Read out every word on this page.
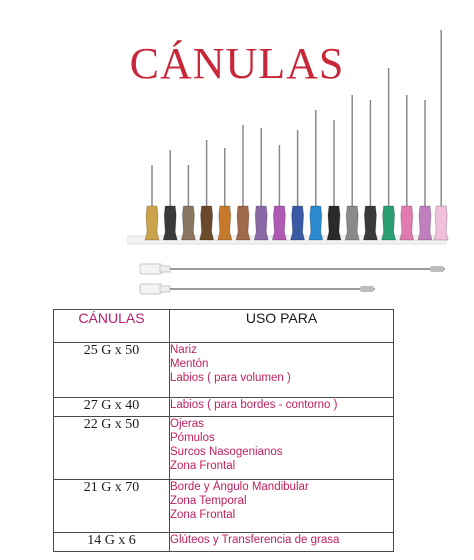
CÁNULAS
CÁNULAS	USO PARA
25 G x 50	Nariz
Mentón
Labios ( para volumen )

27 G x 40	Labios ( para bordes - contorno )

22 G x 50	Ojeras
Pómulos
Surcos Nasogenianos
Zona Frontal

21 G x 70	Borde y Ángulo Mandibular
Zona Temporal
Zona Frontal

14 G x 6	Glúteos y Transferencia de grasa
